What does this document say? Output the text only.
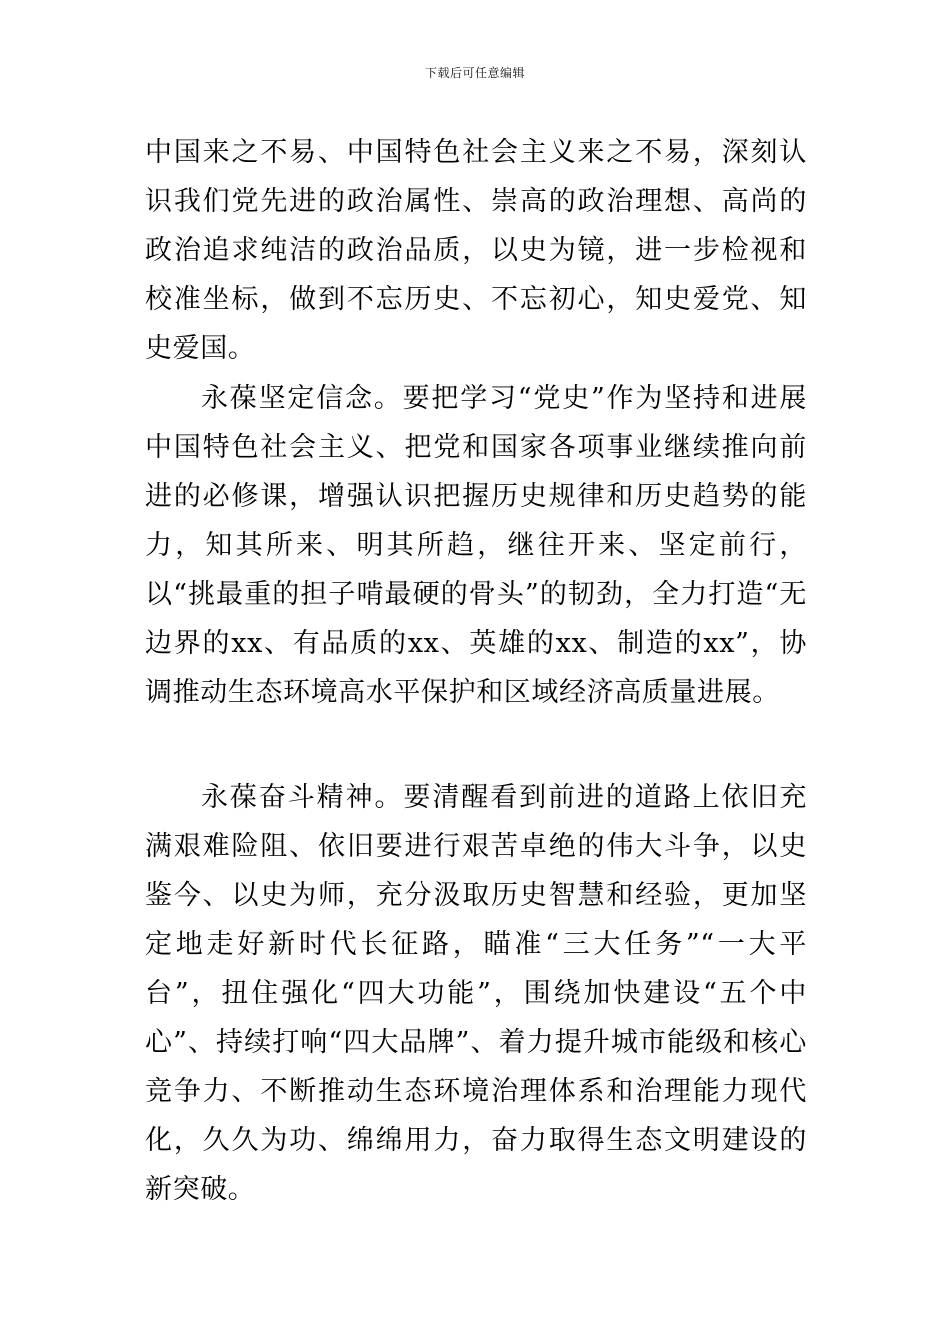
下载后可任意编辑

中国来之不易、中国特色社会主义来之不易，深刻认识我们党先进的政治属性、崇高的政治理想、高尚的政治追求纯洁的政治品质，以史为镜，进一步检视和校准坐标，做到不忘历史、不忘初心，知史爱党、知史爱国。

永葆坚定信念。要把学习“党史”作为坚持和进展中国特色社会主义、把党和国家各项事业继续推向前进的必修课，增强认识把握历史规律和历史趋势的能力，知其所来、明其所趋，继往开来、坚定前行，以“挑最重的担子啃最硬的骨头”的韧劲，全力打造“无边界的xx、有品质的xx、英雄的xx、制造的xx”，协调推动生态环境高水平保护和区域经济高质量进展。

永葆奋斗精神。要清醒看到前进的道路上依旧充满艰难险阻、依旧要进行艰苦卓绝的伟大斗争，以史鉴今、以史为师，充分汲取历史智慧和经验，更加坚定地走好新时代长征路，瞄准“三大任务”“一大平台”，扭住强化“四大功能”，围绕加快建设“五个中心”、持续打响“四大品牌”、着力提升城市能级和核心竞争力、不断推动生态环境治理体系和治理能力现代化，久久为功、绵绵用力，奋力取得生态文明建设的新突破。
